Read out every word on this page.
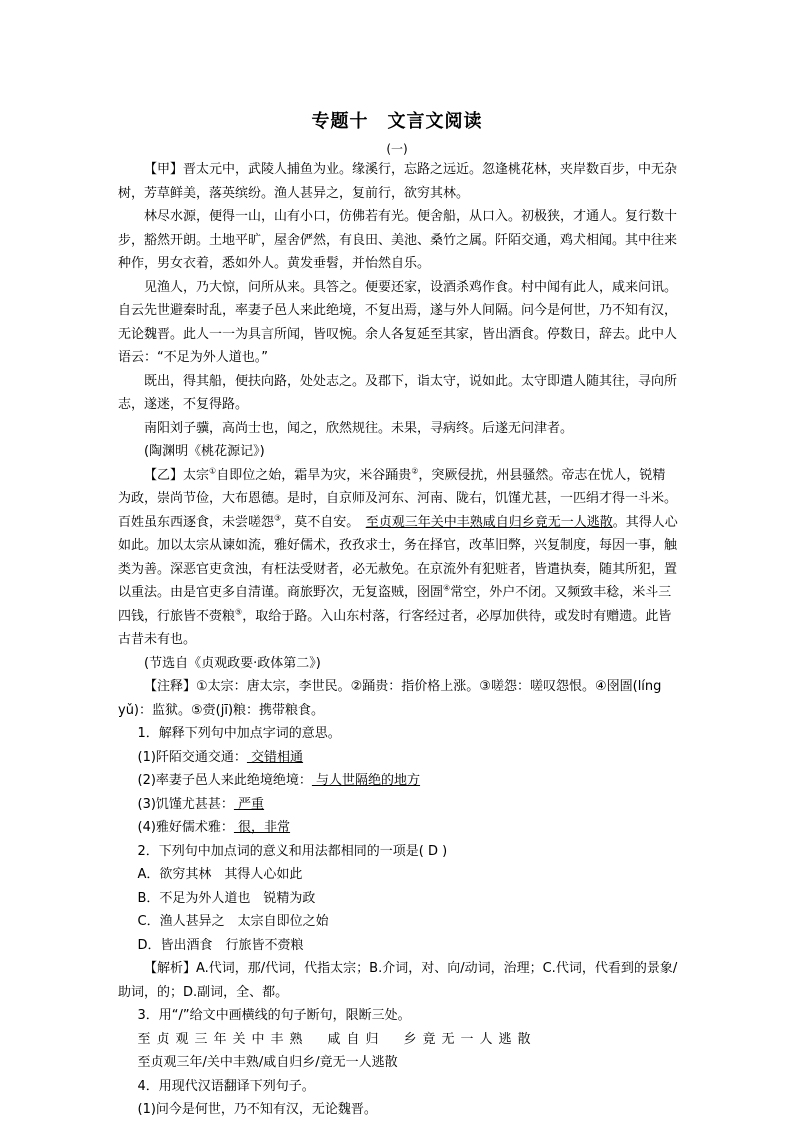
专题十　文言文阅读
(一)

【甲】晋太元中，武陵人捕鱼为业。缘溪行，忘路之远近。忽逢桃花林，夹岸数百步，中无杂树，芳草鲜美，落英缤纷。渔人甚异之，复前行，欲穷其林。

林尽水源，便得一山，山有小口，仿佛若有光。便舍船，从口入。初极狭，才通人。复行数十步，豁然开朗。土地平旷，屋舍俨然，有良田、美池、桑竹之属。阡陌交通，鸡犬相闻。其中往来种作，男女衣着，悉如外人。黄发垂髫，并怡然自乐。

见渔人，乃大惊，问所从来。具答之。便要还家，设酒杀鸡作食。村中闻有此人，咸来问讯。自云先世避秦时乱，率妻子邑人来此绝境，不复出焉，遂与外人间隔。问今是何世，乃不知有汉，无论魏晋。此人一一为具言所闻，皆叹惋。余人各复延至其家，皆出酒食。停数日，辞去。此中人语云：“不足为外人道也。”

既出，得其船，便扶向路，处处志之。及郡下，诣太守，说如此。太守即遣人随其往，寻向所志，遂迷，不复得路。

南阳刘子骥，高尚士也，闻之，欣然规往。未果，寻病终。后遂无问津者。

(陶渊明《桃花源记》)

【乙】太宗①自即位之始，霜旱为灾，米谷踊贵②，突厥侵扰，州县骚然。帝志在忧人，锐精为政，崇尚节俭，大布恩德。是时，自京师及河东、河南、陇右，饥馑尤甚，一匹绢才得一斗米。百姓虽东西逐食，未尝嗟怨③，莫不自安。　 至贞观三年关中丰熟咸自归乡竟无一人逃散。其得人心如此。加以太宗从谏如流，雅好儒术，孜孜求士，务在择官，改革旧弊，兴复制度，每因一事，触类为善。深恶官吏贪浊，有枉法受财者，必无赦免。在京流外有犯赃者，皆遣执奏，随其所犯，置以重法。由是官吏多自清谨。商旅野次，无复盗贼，囹圄④常空，外户不闭。又频致丰稔，米斗三四钱，行旅皆不赍粮⑤，取给于路。入山东村落，行客经过者，必厚加供待，或发时有赠遗。此皆古昔未有也。

(节选自《贞观政要·政体第二》)

【注释】①太宗：唐太宗，李世民。②踊贵：指价格上涨。③嗟怨：嗟叹怨恨。④囹圄(líng yǔ)：监狱。⑤赍(jī)粮：携带粮食。

1．解释下列句中加点字词的意思。

(1)阡陌交通交通： 交错相通

(2)率妻子邑人来此绝境绝境： 与人世隔绝的地方

(3)饥馑尤甚甚： 严重

(4)雅好儒术雅： 很，非常

2．下列句中加点词的意义和用法都相同的一项是( D )

A．欲穷其林　其得人心如此

B．不足为外人道也　锐精为政

C．渔人甚异之　太宗自即位之始

D．皆出酒食　行旅皆不赍粮

【解析】A.代词，那/代词，代指太宗；B.介词，对、向/动词，治理；C.代词，代看到的景象/助词，的；D.副词，全、都。

3．用“/”给文中画横线的句子断句，限断三处。

至贞观三年关中丰熟　咸自归　乡竟无一人逃散

至贞观三年/关中丰熟/咸自归乡/竟无一人逃散

4．用现代汉语翻译下列句子。

(1)问今是何世，乃不知有汉，无论魏晋。
